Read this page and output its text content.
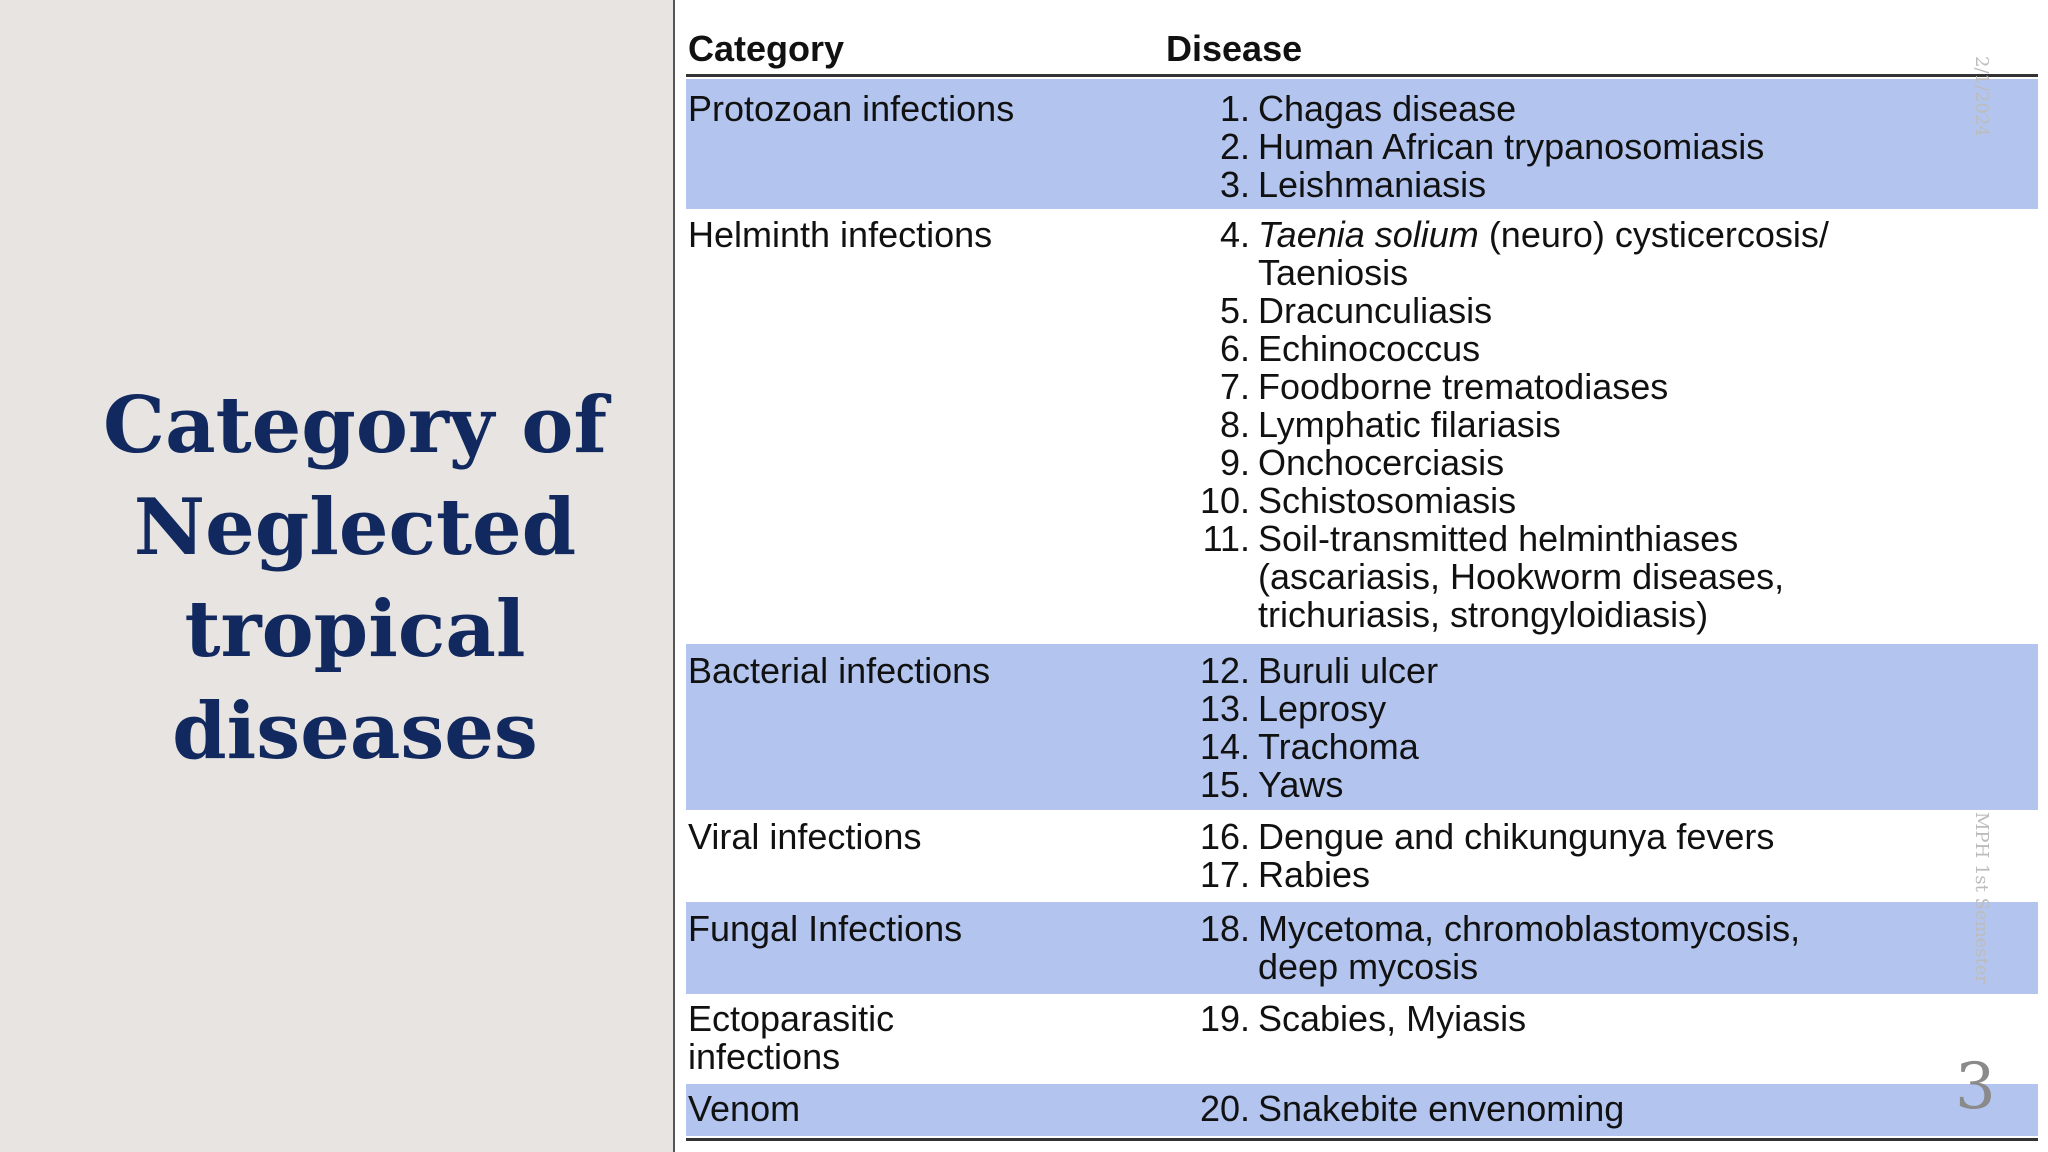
Category of
Neglected
tropical
diseases
Category	Disease
Protozoan infections	1. Chagas disease
2. Human African trypanosomiasis
3. Leishmaniasis
Helminth infections	4. Taenia solium (neuro) cysticercosis/
Taeniosis
5. Dracunculiasis
6. Echinococcus
7. Foodborne trematodiases
8. Lymphatic filariasis
9. Onchocerciasis
10. Schistosomiasis
11. Soil-transmitted helminthiases
(ascariasis, Hookworm diseases,
trichuriasis, strongyloidiasis)
Bacterial infections	12. Buruli ulcer
13. Leprosy
14. Trachoma
15. Yaws
Viral infections	16. Dengue and chikungunya fevers
17. Rabies
Fungal Infections	18. Mycetoma, chromoblastomycosis,
deep mycosis
Ectoparasitic
infections
19. Scabies, Myiasis
Venom	20. Snakebite envenoming
2/1/2024
MPH 1st Semester
3
